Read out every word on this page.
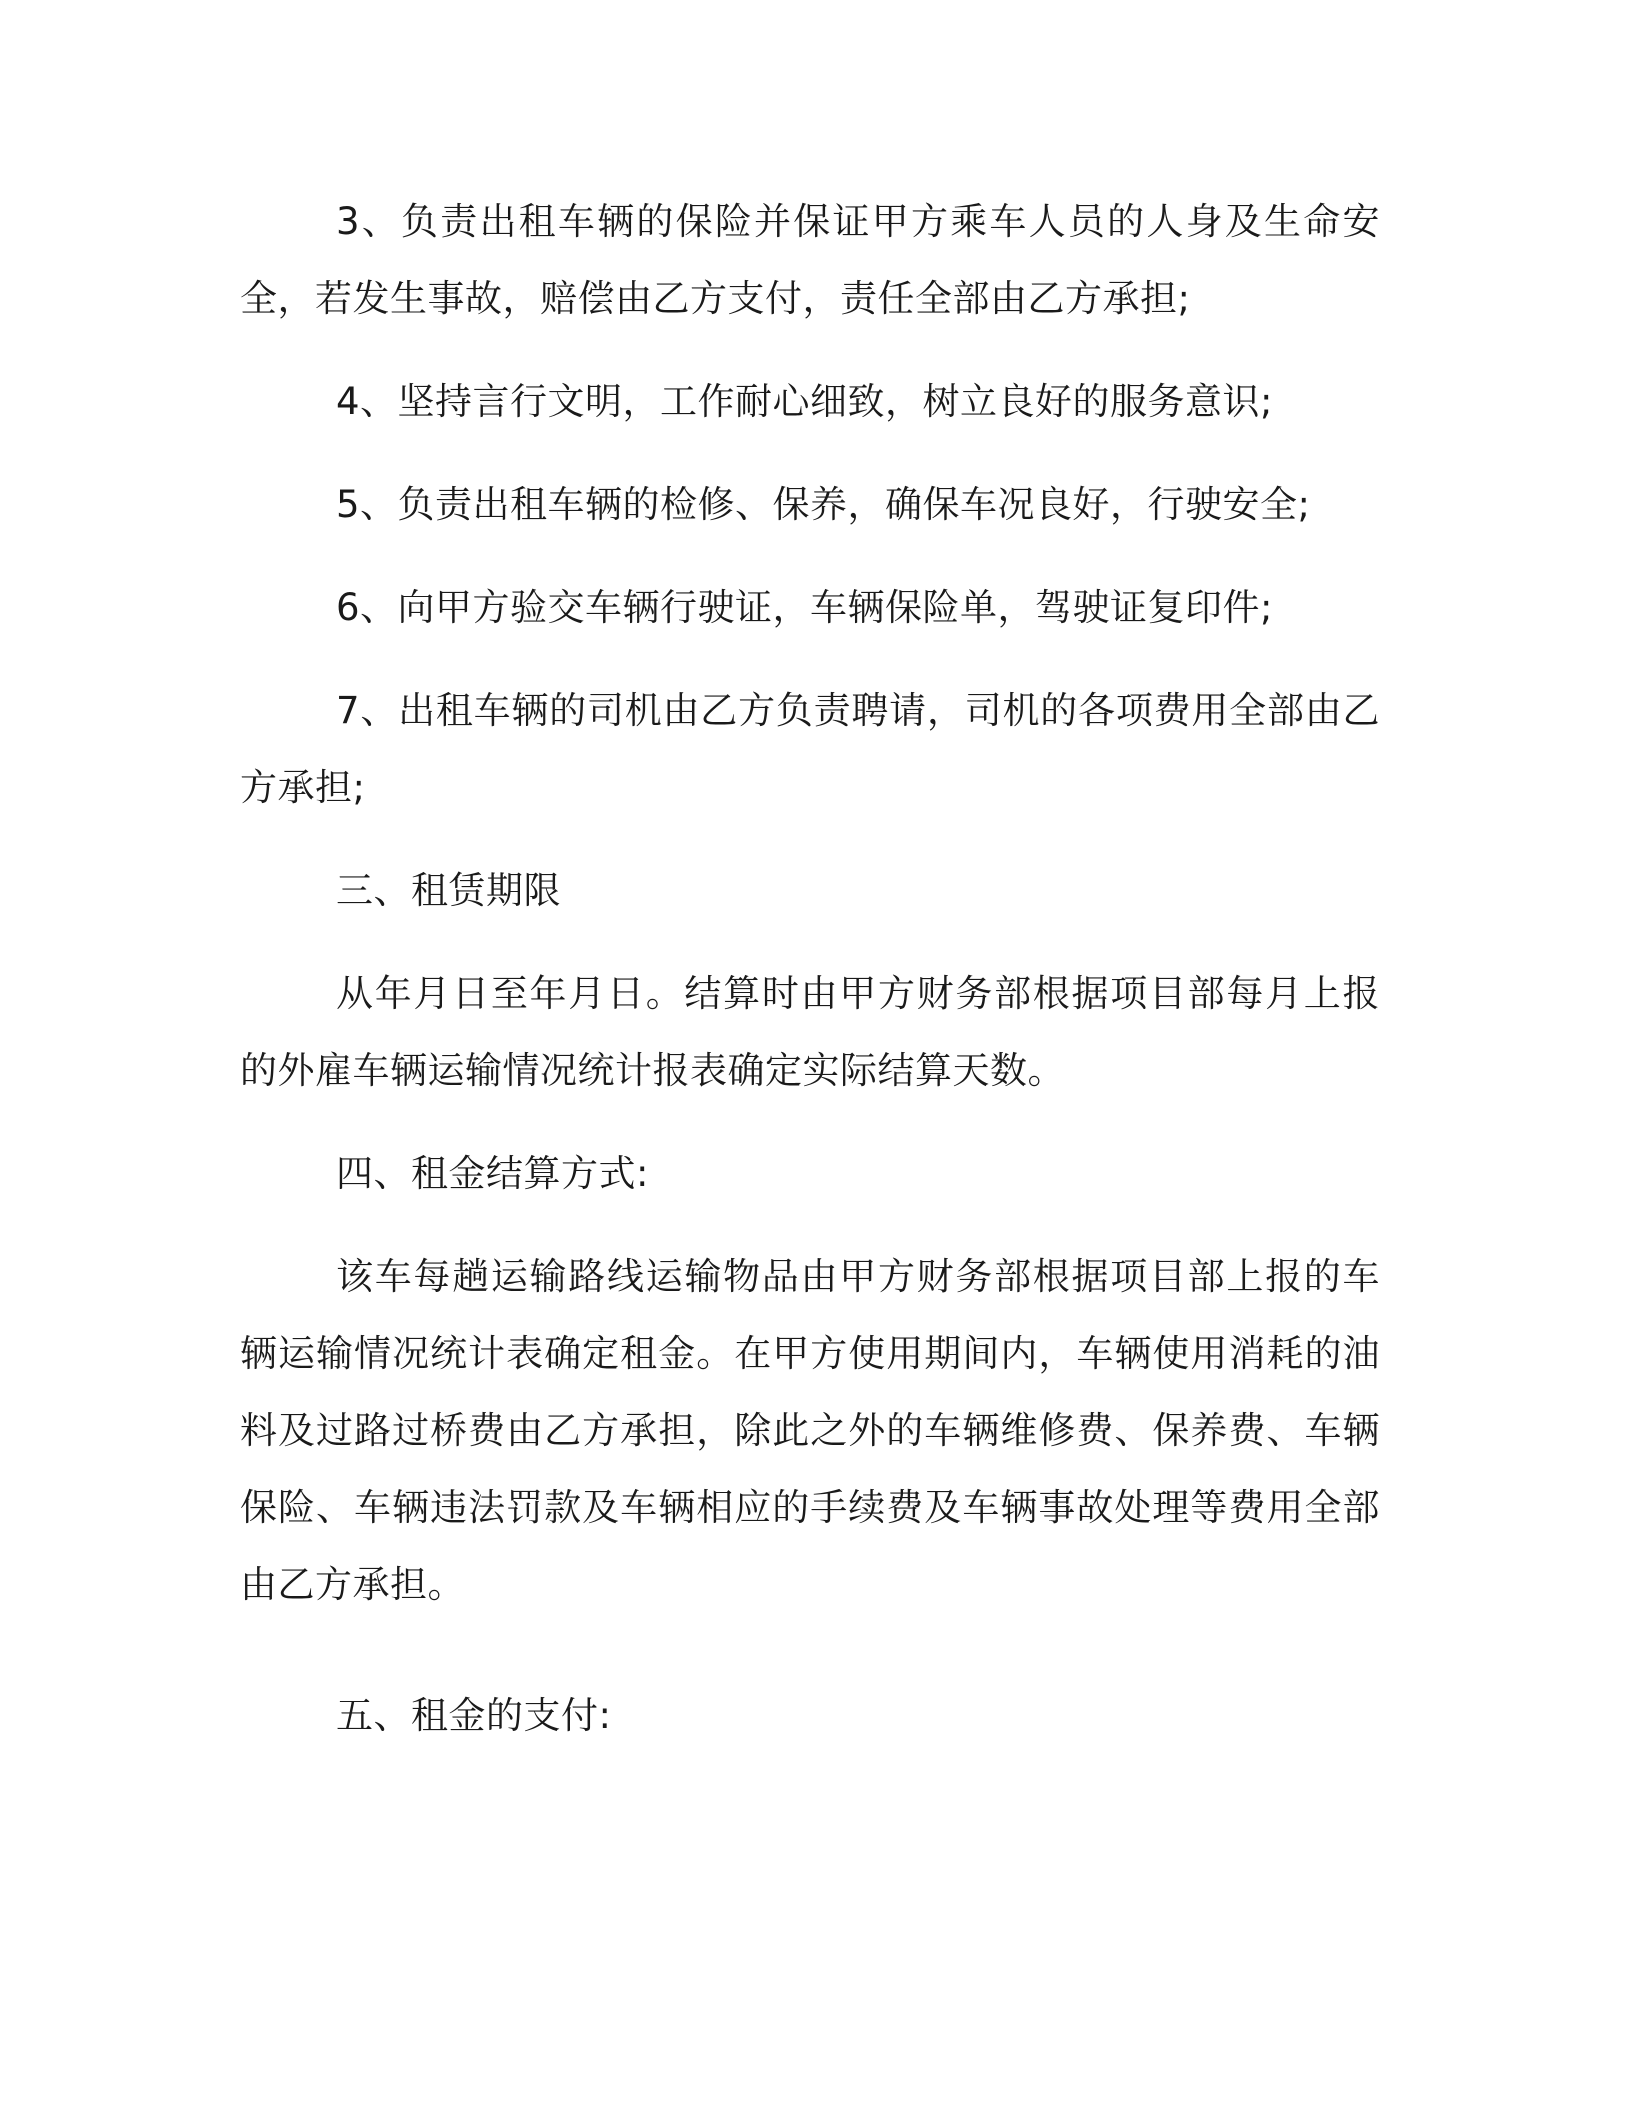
3、负责出租车辆的保险并保证甲方乘车人员的人身及生命安全，若发生事故，赔偿由乙方支付，责任全部由乙方承担;

4、坚持言行文明，工作耐心细致，树立良好的服务意识;

5、负责出租车辆的检修、保养，确保车况良好，行驶安全;

6、向甲方验交车辆行驶证，车辆保险单，驾驶证复印件;

7、出租车辆的司机由乙方负责聘请，司机的各项费用全部由乙方承担;

三、租赁期限

从年月日至年月日。结算时由甲方财务部根据项目部每月上报的外雇车辆运输情况统计报表确定实际结算天数。

四、租金结算方式:

该车每趟运输路线运输物品由甲方财务部根据项目部上报的车辆运输情况统计表确定租金。在甲方使用期间内，车辆使用消耗的油料及过路过桥费由乙方承担，除此之外的车辆维修费、保养费、车辆保险、车辆违法罚款及车辆相应的手续费及车辆事故处理等费用全部由乙方承担。

五、租金的支付:
